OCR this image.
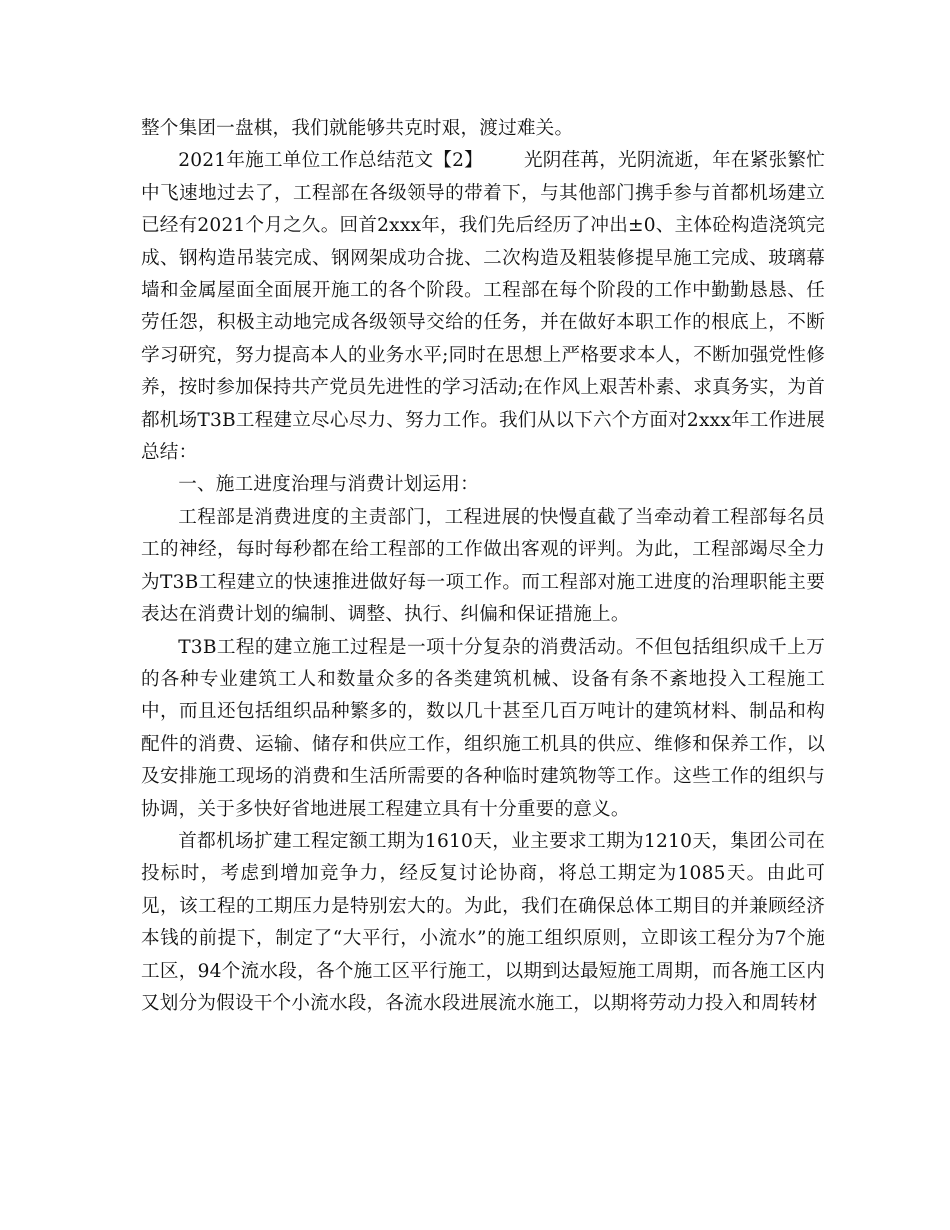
整个集团一盘棋，我们就能够共克时艰，渡过难关。

2021年施工单位工作总结范文【2】 光阴荏苒，光阴流逝，年在紧张繁忙中飞速地过去了，工程部在各级领导的带着下，与其他部门携手参与首都机场建立已经有2021个月之久。回首2xxx年，我们先后经历了冲出±0、主体砼构造浇筑完成、钢构造吊装完成、钢网架成功合拢、二次构造及粗装修提早施工完成、玻璃幕墙和金属屋面全面展开施工的各个阶段。工程部在每个阶段的工作中勤勤恳恳、任劳任怨，积极主动地完成各级领导交给的任务，并在做好本职工作的根底上，不断学习研究，努力提高本人的业务水平;同时在思想上严格要求本人，不断加强党性修养，按时参加保持共产党员先进性的学习活动;在作风上艰苦朴素、求真务实，为首都机场T3B工程建立尽心尽力、努力工作。我们从以下六个方面对2xxx年工作进展总结：

一、施工进度治理与消费计划运用：

工程部是消费进度的主责部门，工程进展的快慢直截了当牵动着工程部每名员工的神经，每时每秒都在给工程部的工作做出客观的评判。为此，工程部竭尽全力为T3B工程建立的快速推进做好每一项工作。而工程部对施工进度的治理职能主要表达在消费计划的编制、调整、执行、纠偏和保证措施上。

T3B工程的建立施工过程是一项十分复杂的消费活动。不但包括组织成千上万的各种专业建筑工人和数量众多的各类建筑机械、设备有条不紊地投入工程施工中，而且还包括组织品种繁多的，数以几十甚至几百万吨计的建筑材料、制品和构配件的消费、运输、储存和供应工作，组织施工机具的供应、维修和保养工作，以及安排施工现场的消费和生活所需要的各种临时建筑物等工作。这些工作的组织与协调，关于多快好省地进展工程建立具有十分重要的意义。

首都机场扩建工程定额工期为1610天，业主要求工期为1210天，集团公司在投标时，考虑到增加竞争力，经反复讨论协商，将总工期定为1085天。由此可见，该工程的工期压力是特别宏大的。为此，我们在确保总体工期目的并兼顾经济本钱的前提下，制定了“大平行，小流水”的施工组织原则，立即该工程分为7个施工区，94个流水段，各个施工区平行施工，以期到达最短施工周期，而各施工区内又划分为假设干个小流水段，各流水段进展流水施工，以期将劳动力投入和周转材
